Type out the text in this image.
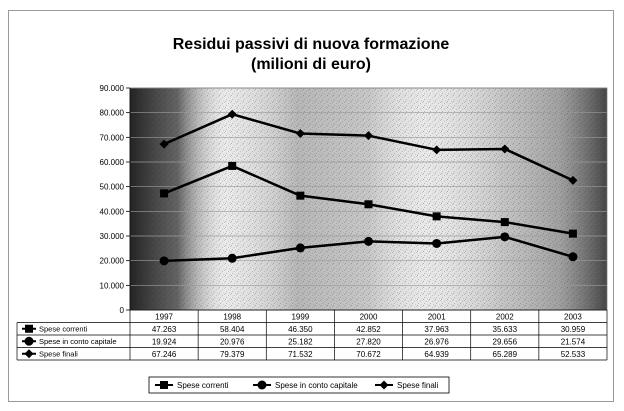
Residui passivi di nuova formazione
(milioni di euro)
0
10.000
20.000
30.000
40.000
50.000
60.000
70.000
80.000
90.000
1997	1998	1999	2000	2001	2002	2003
Spese correnti	47.263	58.404	46.350	42.852	37.963	35.633	30.959
Spese in conto capitale	19.924	20.976	25.182	27.820	26.976	29.656	21.574
Spese finali	67.246	79.379	71.532	70.672	64.939	65.289	52.533
Spese correnti	Spese in conto capitale	Spese finali
